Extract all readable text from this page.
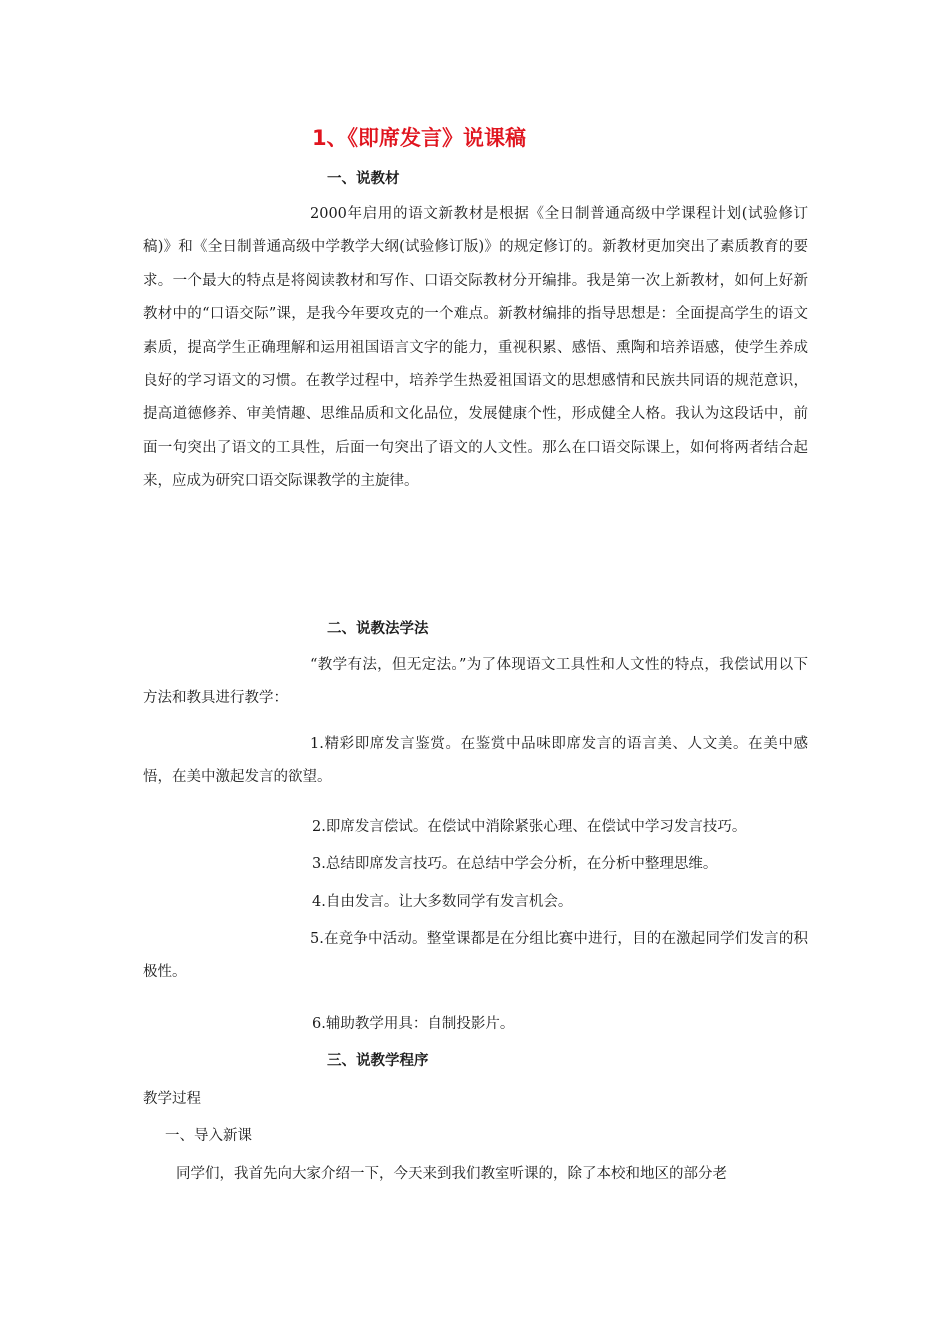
1、《即席发言》说课稿
一、说教材

2000年启用的语文新教材是根据《全日制普通高级中学课程计划(试验修订稿)》和《全日制普通高级中学教学大纲(试验修订版)》的规定修订的。新教材更加突出了素质教育的要求。一个最大的特点是将阅读教材和写作、口语交际教材分开编排。我是第一次上新教材，如何上好新教材中的“口语交际”课，是我今年要攻克的一个难点。新教材编排的指导思想是：全面提高学生的语文素质，提高学生正确理解和运用祖国语言文字的能力，重视积累、感悟、熏陶和培养语感，使学生养成良好的学习语文的习惯。在教学过程中，培养学生热爱祖国语文的思想感情和民族共同语的规范意识，提高道德修养、审美情趣、思维品质和文化品位，发展健康个性，形成健全人格。我认为这段话中，前面一句突出了语文的工具性，后面一句突出了语文的人文性。那么在口语交际课上，如何将两者结合起来，应成为研究口语交际课教学的主旋律。

二、说教法学法

“教学有法，但无定法。”为了体现语文工具性和人文性的特点，我偿试用以下方法和教具进行教学：

1.精彩即席发言鉴赏。在鉴赏中品味即席发言的语言美、人文美。在美中感悟，在美中激起发言的欲望。

2.即席发言偿试。在偿试中消除紧张心理、在偿试中学习发言技巧。

3.总结即席发言技巧。在总结中学会分析，在分析中整理思维。

4.自由发言。让大多数同学有发言机会。

5.在竞争中活动。整堂课都是在分组比赛中进行，目的在激起同学们发言的积极性。

6.辅助教学用具：自制投影片。

三、说教学程序

教学过程

一、导入新课

同学们，我首先向大家介绍一下，今天来到我们教室听课的，除了本校和地区的部分老
